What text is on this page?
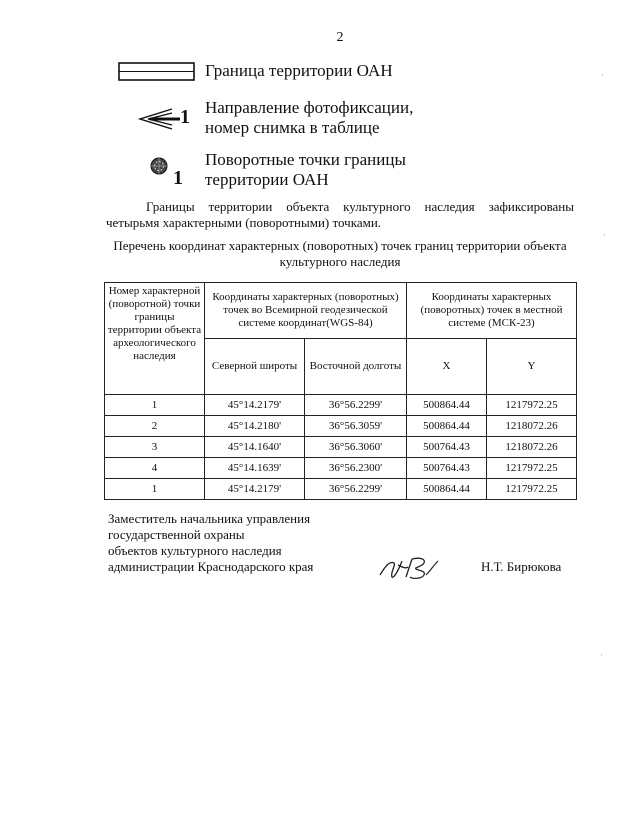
2
Граница территории ОАН
1 Направление фотофиксации,
номер снимка в таблице
1
Поворотные точки границы
территории ОАН
Границы территории объекта культурного наследия зафиксированы четырьмя характерными (поворотными) точками.
Перечень координат характерных (поворотных) точек границ территории объекта культурного наследия
Номер характерной (поворотной) точки границы территории объекта археологического наследия	Координаты характерных (поворотных) точек во Всемирной геодезической системе координат(WGS-84)		Координаты характерных (поворотных) точек в местной системе (МСК-23)	
	Северной широты	Восточной долготы	X	Y
1	45°14.2179'	36°56.2299'	500864.44	1217972.25
2	45°14.2180'	36°56.3059'	500864.44	1218072.26
3	45°14.1640'	36°56.3060'	500764.43	1218072.26
4	45°14.1639'	36°56.2300'	500764.43	1217972.25
1	45°14.2179'	36°56.2299'	500864.44	1217972.25
Заместитель начальника управления
государственной охраны
объектов культурного наследия
администрации Краснодарского края	Н.Т. Бирюкова
·
·
·
